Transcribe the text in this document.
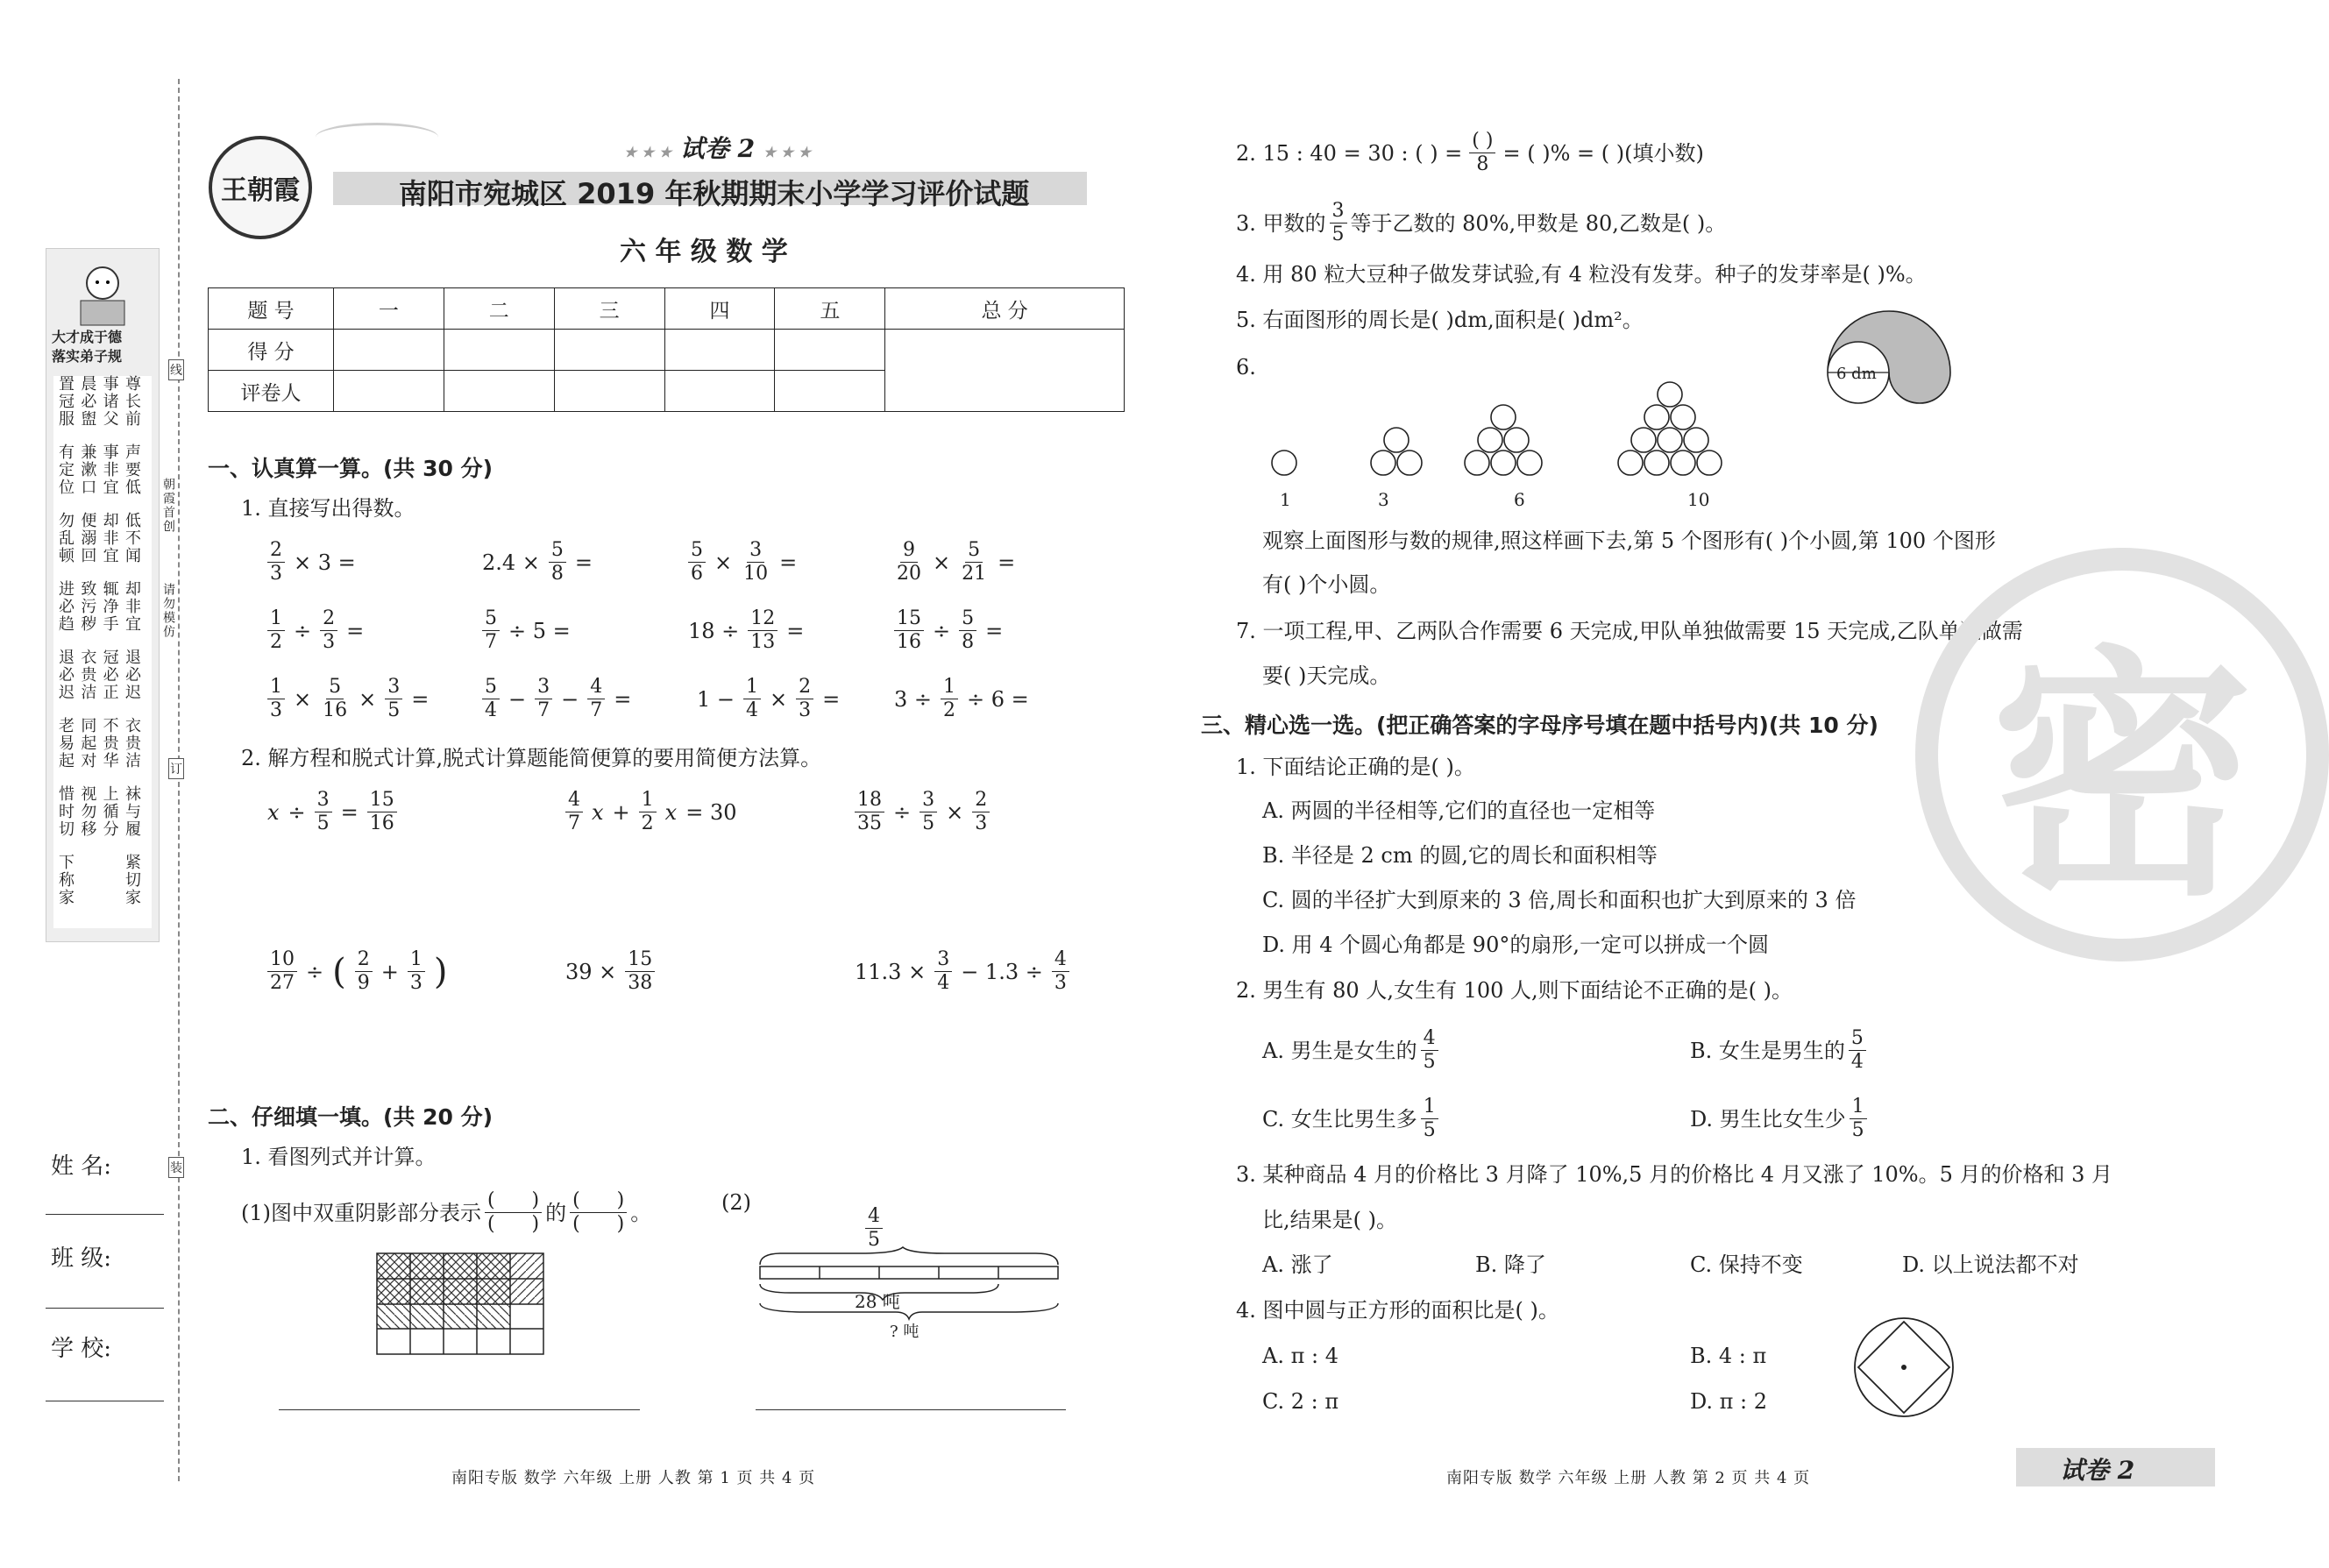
大才成于德
落实弟子规
尊长前
事诸父
晨必盥
置冠服
声要低
事非宜
兼漱口
有定位
低不闻
却非宜
便溺回
勿乱顿
却非宜
辄净手
致污秽
进必趋
退必迟
冠必正
衣贵洁
退必迟
衣贵洁
不贵华
同起对
老易起
袜与履
上循分
视勿移
惜时切
紧切家
下称家
朝霞首创
请勿模仿
线
订
装
姓 名:
班 级:
学 校:
王朝霞
★ ★ ★ 试卷 2 ★ ★ ★
南阳市宛城区 2019 年秋期期末小学学习评价试题
六 年 级 数 学
题 号	一	二	三	四	五	总 分
得 分						
评卷人						
一、认真算一算。(共 30 分)
1. 直接写出得数。
$\frac{2}{3} \times 3$ =	$2.4 \times \frac{5}{8}$ =	$\frac{5}{6} \times \frac{3}{10}$ =	$\frac{9}{20} \times \frac{5}{21}$ =
$\frac{1}{2} \div \frac{2}{3}$ =	$\frac{5}{7} \div 5$ =	$18 \div \frac{12}{13}$ =	$\frac{15}{16} \div \frac{5}{8}$ =
$\frac{1}{3} \times \frac{5}{16} \times \frac{3}{5}$ =	$\frac{5}{4} - \frac{3}{7} - \frac{4}{7}$ =	$1 - \frac{1}{4} \times \frac{2}{3}$ =	$3 \div \frac{1}{2} \div 6$ =
2. 解方程和脱式计算,脱式计算题能简便算的要用简便方法算。
$x \div \frac{3}{5} = \frac{15}{16}$	$\frac{4}{7}$ $x + \frac{1}{2}$ x = 30	$\frac{18}{35} \div \frac{3}{5} \times \frac{2}{3}$
$\frac{10}{27}$ ÷ ( $\frac{2}{9} + \frac{1}{3}$ )	$39 \times \frac{15}{38}$	$11.3 \times \frac{3}{4} - 1.3 \div \frac{4}{3}$
二、仔细填一填。(共 20 分)
1. 看图列式并计算。
(1)图中双重阴影部分表示 $\frac{( )}{( )}$ 的 $\frac{( )}{( )}$ 。	(2)
$\frac{4}{5}$
28 吨
? 吨
南阳专版 数学 六年级 上册 人教 第 1 页 共 4 页
2. 15 : 40 = 30 : ( ) = $\frac{( )}{8}$ = ( )% = ( )(填小数)
3. 甲数的 $\frac{3}{5}$ 等于乙数的 80%,甲数是 80,乙数是( )。
4. 用 80 粒大豆种子做发芽试验,有 4 粒没有发芽。种子的发芽率是( )%。
5. 右面图形的周长是( )dm,面积是( )dm²。
6 dm
6.
1	3	6	10
观察上面图形与数的规律,照这样画下去,第 5 个图形有( )个小圆,第 100 个图形
有( )个小圆。
7. 一项工程,甲、乙两队合作需要 6 天完成,甲队单独做需要 15 天完成,乙队单独做需
要( )天完成。 密
三、精心选一选。(把正确答案的字母序号填在题中括号内)(共 10 分)
1. 下面结论正确的是( )。
A. 两圆的半径相等,它们的直径也一定相等
B. 半径是 2 cm 的圆,它的周长和面积相等
C. 圆的半径扩大到原来的 3 倍,周长和面积也扩大到原来的 3 倍
D. 用 4 个圆心角都是 90°的扇形,一定可以拼成一个圆
2. 男生有 80 人,女生有 100 人,则下面结论不正确的是( )。
A. 男生是女生的 $\frac{4}{5}$	B. 女生是男生的 $\frac{5}{4}$
C. 女生比男生多 $\frac{1}{5}$	D. 男生比女生少 $\frac{1}{5}$
3. 某种商品 4 月的价格比 3 月降了 10%,5 月的价格比 4 月又涨了 10%。5 月的价格和 3 月
比,结果是( )。
A. 涨了	B. 降了	C. 保持不变	D. 以上说法都不对
4. 图中圆与正方形的面积比是( )。
A. π : 4	B. 4 : π
C. 2 : π	D. π : 2
南阳专版 数学 六年级 上册 人教 第 2 页 共 4 页	试卷 2
